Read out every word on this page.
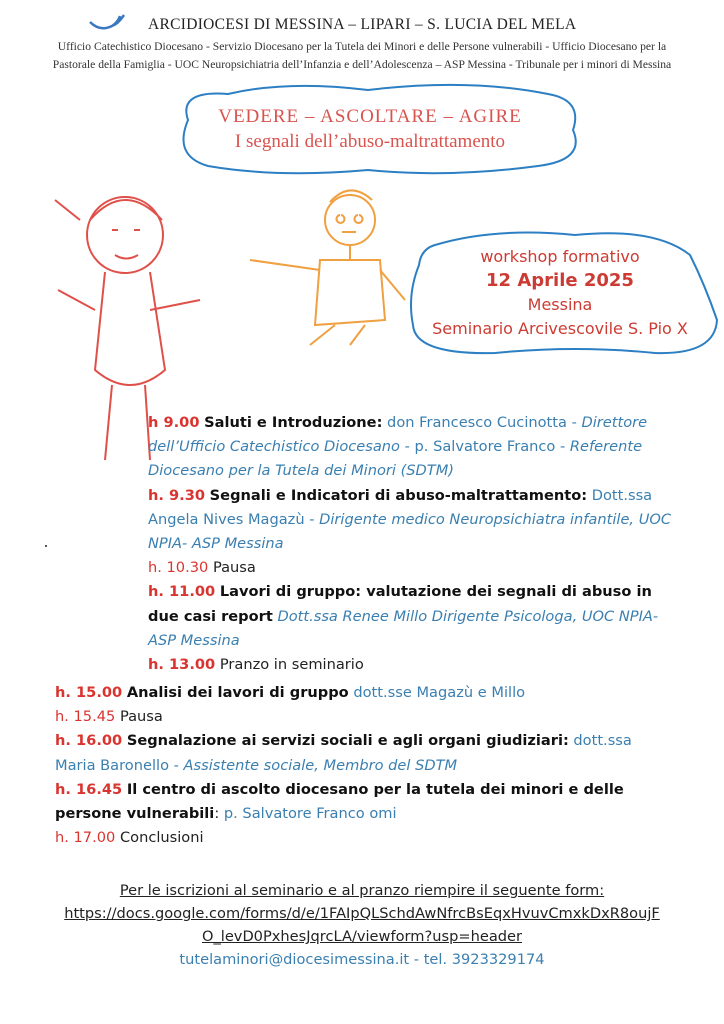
ARCIDIOCESI DI MESSINA – LIPARI – S. LUCIA DEL MELA
Ufficio Catechistico Diocesano - Servizio Diocesano per la Tutela dei Minori e delle Persone vulnerabili - Ufficio Diocesano per la
Pastorale della Famiglia - UOC Neuropsichiatria dell’Infanzia e dell’Adolescenza – ASP Messina - Tribunale per i minori di Messina
VEDERE – ASCOLTARE – AGIRE
I segnali dell’abuso-maltrattamento
workshop formativo
12 Aprile 2025
Messina
Seminario Arcivescovile S. Pio X
h 9.00 Saluti e Introduzione: don Francesco Cucinotta - Direttore dell’Ufficio Catechistico Diocesano - p. Salvatore Franco - Referente Diocesano per la Tutela dei Minori (SDTM)
h. 9.30 Segnali e Indicatori di abuso-maltrattamento: Dott.ssa Angela Nives Magazù - Dirigente medico Neuropsichiatra infantile, UOC NPIA- ASP Messina
h. 10.30 Pausa
h. 11.00 Lavori di gruppo: valutazione dei segnali di abuso in due casi report Dott.ssa Renee Millo Dirigente Psicologa, UOC NPIA- ASP Messina
h. 13.00 Pranzo in seminario
h. 15.00 Analisi dei lavori di gruppo dott.sse Magazù e Millo
h. 15.45 Pausa
h. 16.00 Segnalazione ai servizi sociali e agli organi giudiziari: dott.ssa Maria Baronello - Assistente sociale, Membro del SDTM
h. 16.45 Il centro di ascolto diocesano per la tutela dei minori e delle persone vulnerabili: p. Salvatore Franco omi
h. 17.00 Conclusioni
Per le iscrizioni al seminario e al pranzo riempire il seguente form:
https://docs.google.com/forms/d/e/1FAIpQLSchdAwNfrcBsEqxHvuvCmxkDxR8oujF
O_levD0PxhesJqrcLA/viewform?usp=header
tutelaminori@diocesimessina.it - tel. 3923329174
